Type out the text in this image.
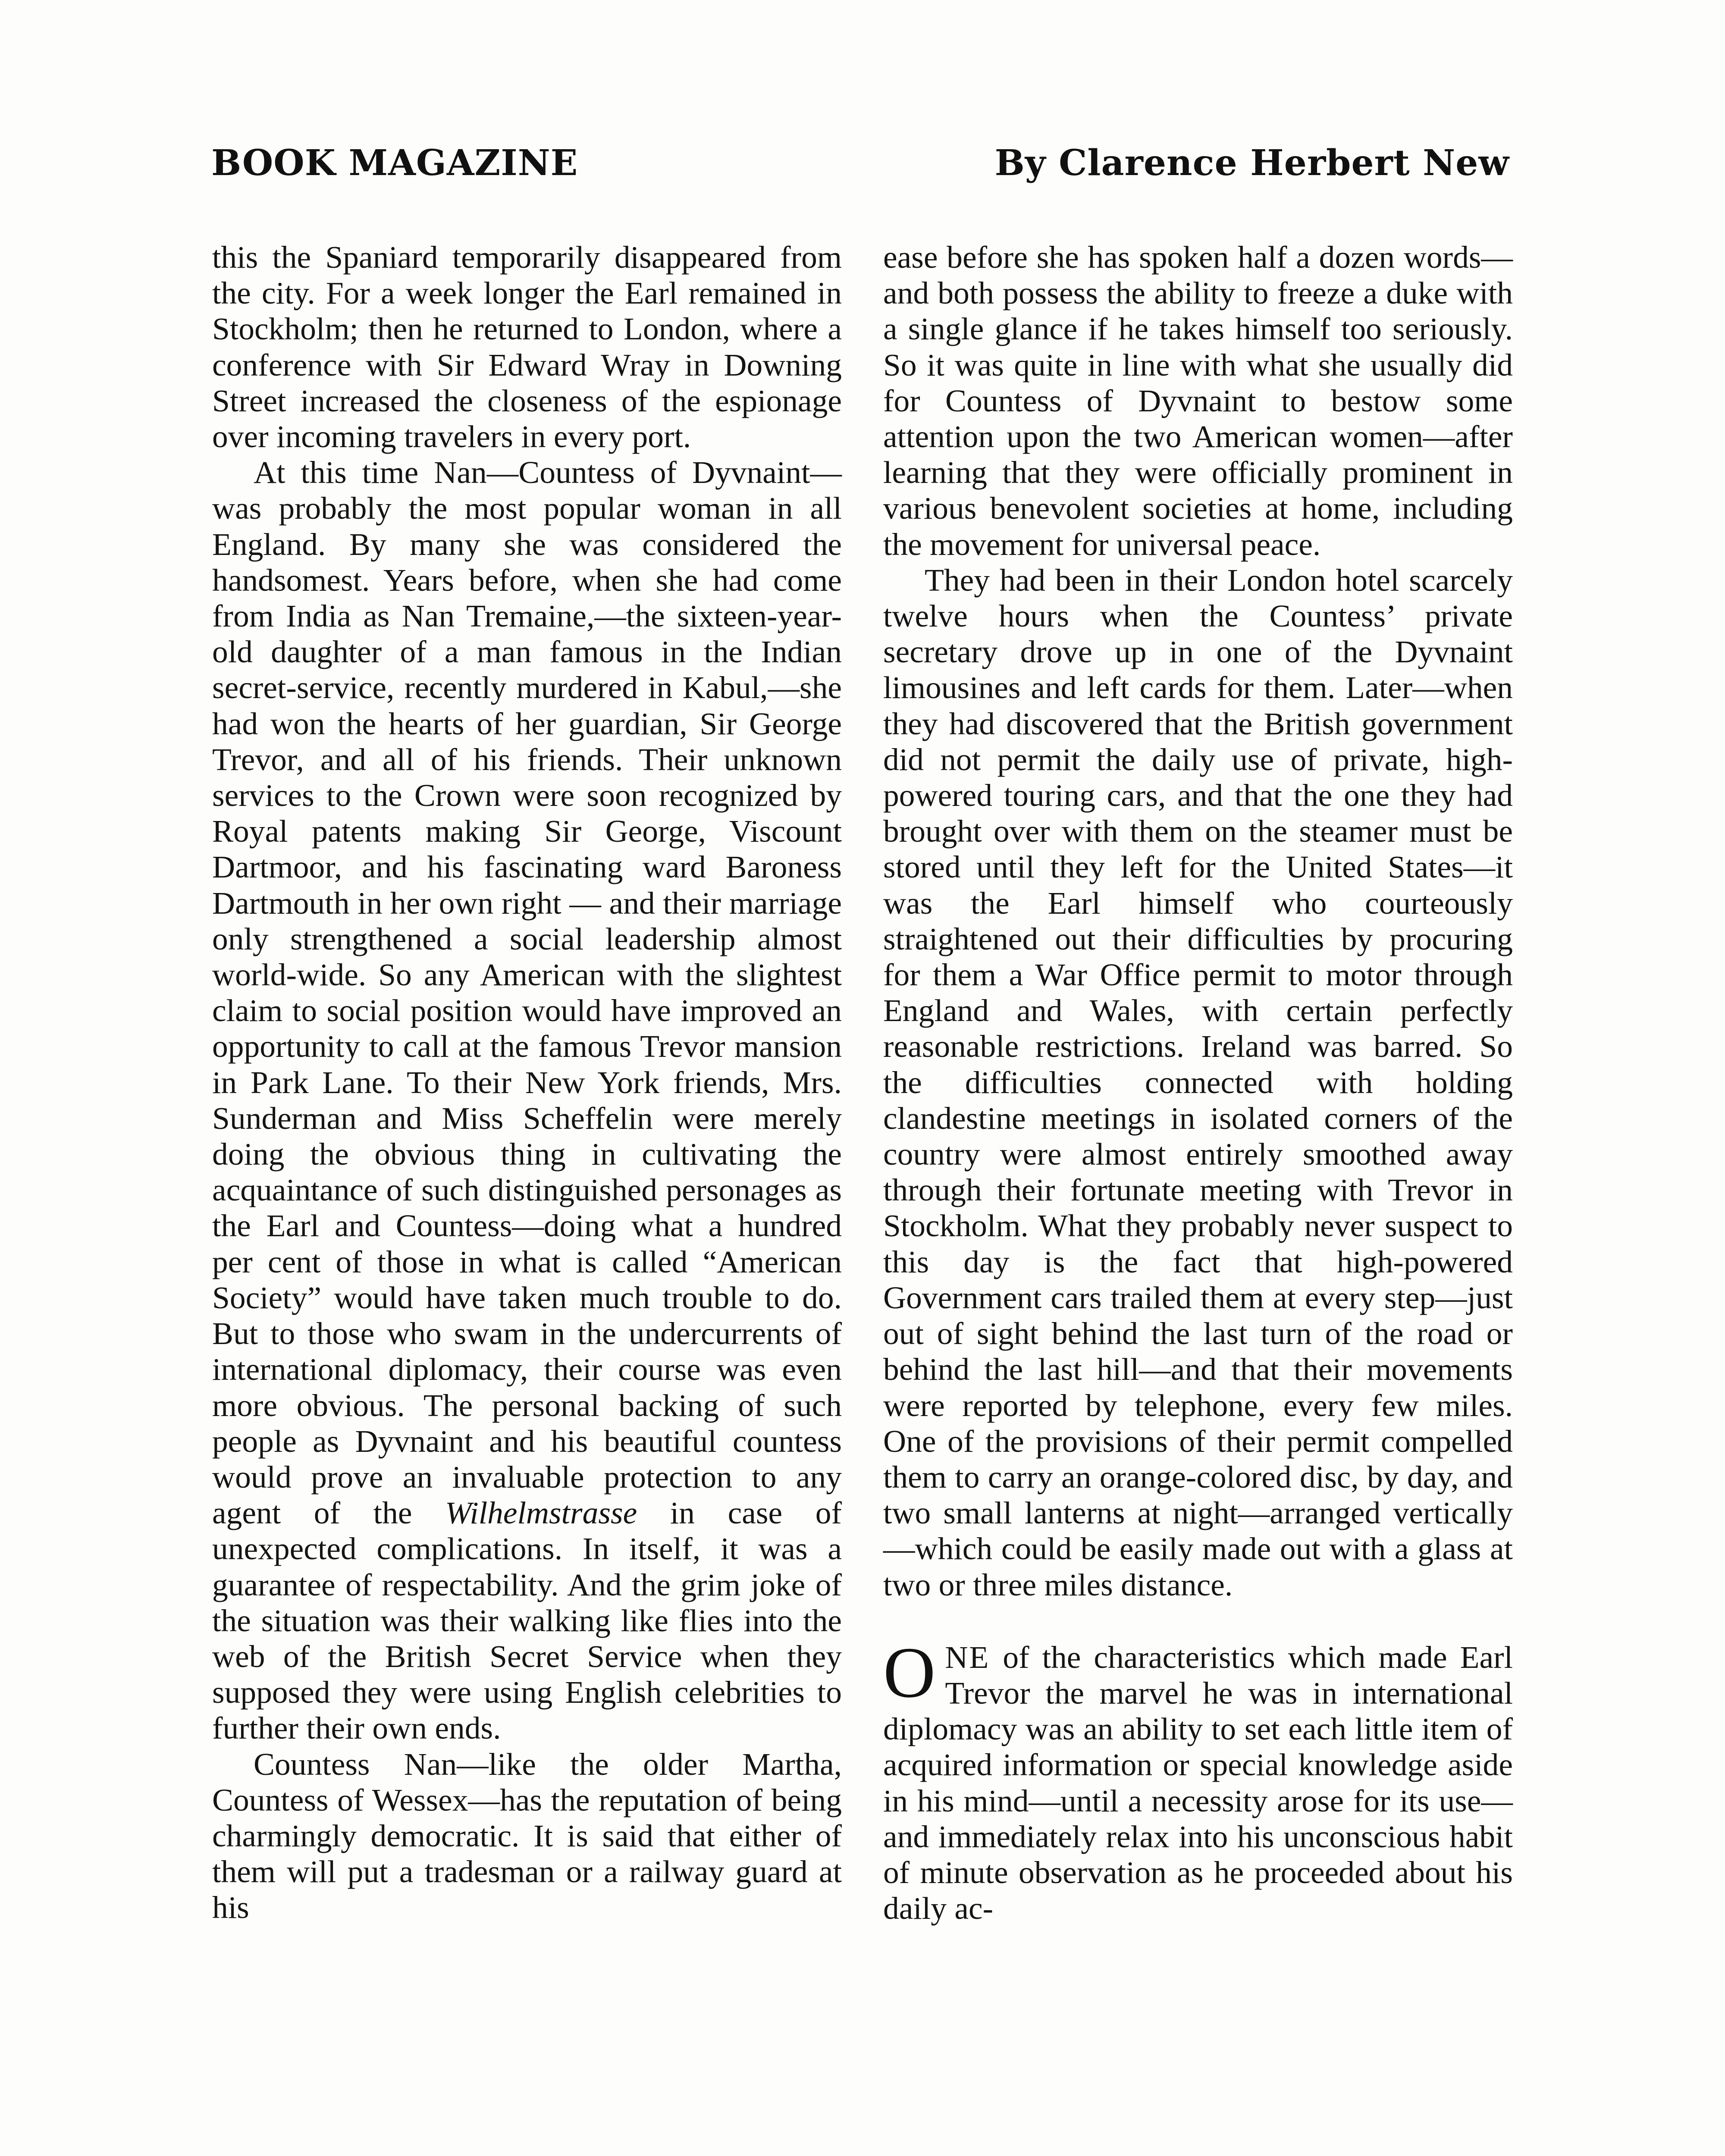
BOOK MAGAZINE	By Clarence Herbert New

this the Spaniard temporarily disappeared from the city. For a week longer the Earl remained in Stockholm; then he returned to London, where a conference with Sir Edward Wray in Downing Street increased the closeness of the espionage over incoming travelers in every port.

At this time Nan—Countess of Dyvnaint—was probably the most popular woman in all England. By many she was considered the handsomest. Years before, when she had come from India as Nan Tremaine,—the sixteen-year-old daughter of a man famous in the Indian secret-service, recently murdered in Kabul,—she had won the hearts of her guardian, Sir George Trevor, and all of his friends. Their unknown services to the Crown were soon recognized by Royal patents making Sir George, Viscount Dartmoor, and his fascinating ward Baroness Dartmouth in her own right — and their marriage only strengthened a social leadership almost world-wide. So any American with the slightest claim to social position would have improved an opportunity to call at the famous Trevor mansion in Park Lane. To their New York friends, Mrs. Sunderman and Miss Scheffelin were merely doing the obvious thing in cultivating the acquaintance of such distinguished personages as the Earl and Countess—doing what a hundred per cent of those in what is called “American Society” would have taken much trouble to do. But to those who swam in the undercurrents of international diplomacy, their course was even more obvious. The personal backing of such people as Dyvnaint and his beautiful countess would prove an invaluable protection to any agent of the Wilhelmstrasse in case of unexpected complications. In itself, it was a guarantee of respectability. And the grim joke of the situation was their walking like flies into the web of the British Secret Service when they supposed they were using English celebrities to further their own ends.

Countess Nan—like the older Martha, Countess of Wessex—has the reputation of being charmingly democratic. It is said that either of them will put a tradesman or a railway guard at his

ease before she has spoken half a dozen words—and both possess the ability to freeze a duke with a single glance if he takes himself too seriously. So it was quite in line with what she usually did for Countess of Dyvnaint to bestow some attention upon the two American women—after learning that they were officially prominent in various benevolent societies at home, including the movement for universal peace.

They had been in their London hotel scarcely twelve hours when the Countess’ private secretary drove up in one of the Dyvnaint limousines and left cards for them. Later—when they had discovered that the British government did not permit the daily use of private, high-powered touring cars, and that the one they had brought over with them on the steamer must be stored until they left for the United States—it was the Earl himself who courteously straightened out their difficulties by procuring for them a War Office permit to motor through England and Wales, with certain perfectly reasonable restrictions. Ireland was barred. So the difficulties connected with holding clandestine meetings in isolated corners of the country were almost entirely smoothed away through their fortunate meeting with Trevor in Stockholm. What they probably never suspect to this day is the fact that high-powered Government cars trailed them at every step—just out of sight behind the last turn of the road or behind the last hill—and that their movements were reported by telephone, every few miles. One of the provisions of their permit compelled them to carry an orange-colored disc, by day, and two small lanterns at night—arranged vertically—which could be easily made out with a glass at two or three miles distance.

ONE of the characteristics which made Earl Trevor the marvel he was in international diplomacy was an ability to set each little item of acquired information or special knowledge aside in his mind—until a necessity arose for its use—and immediately relax into his unconscious habit of minute observation as he proceeded about his daily ac-
